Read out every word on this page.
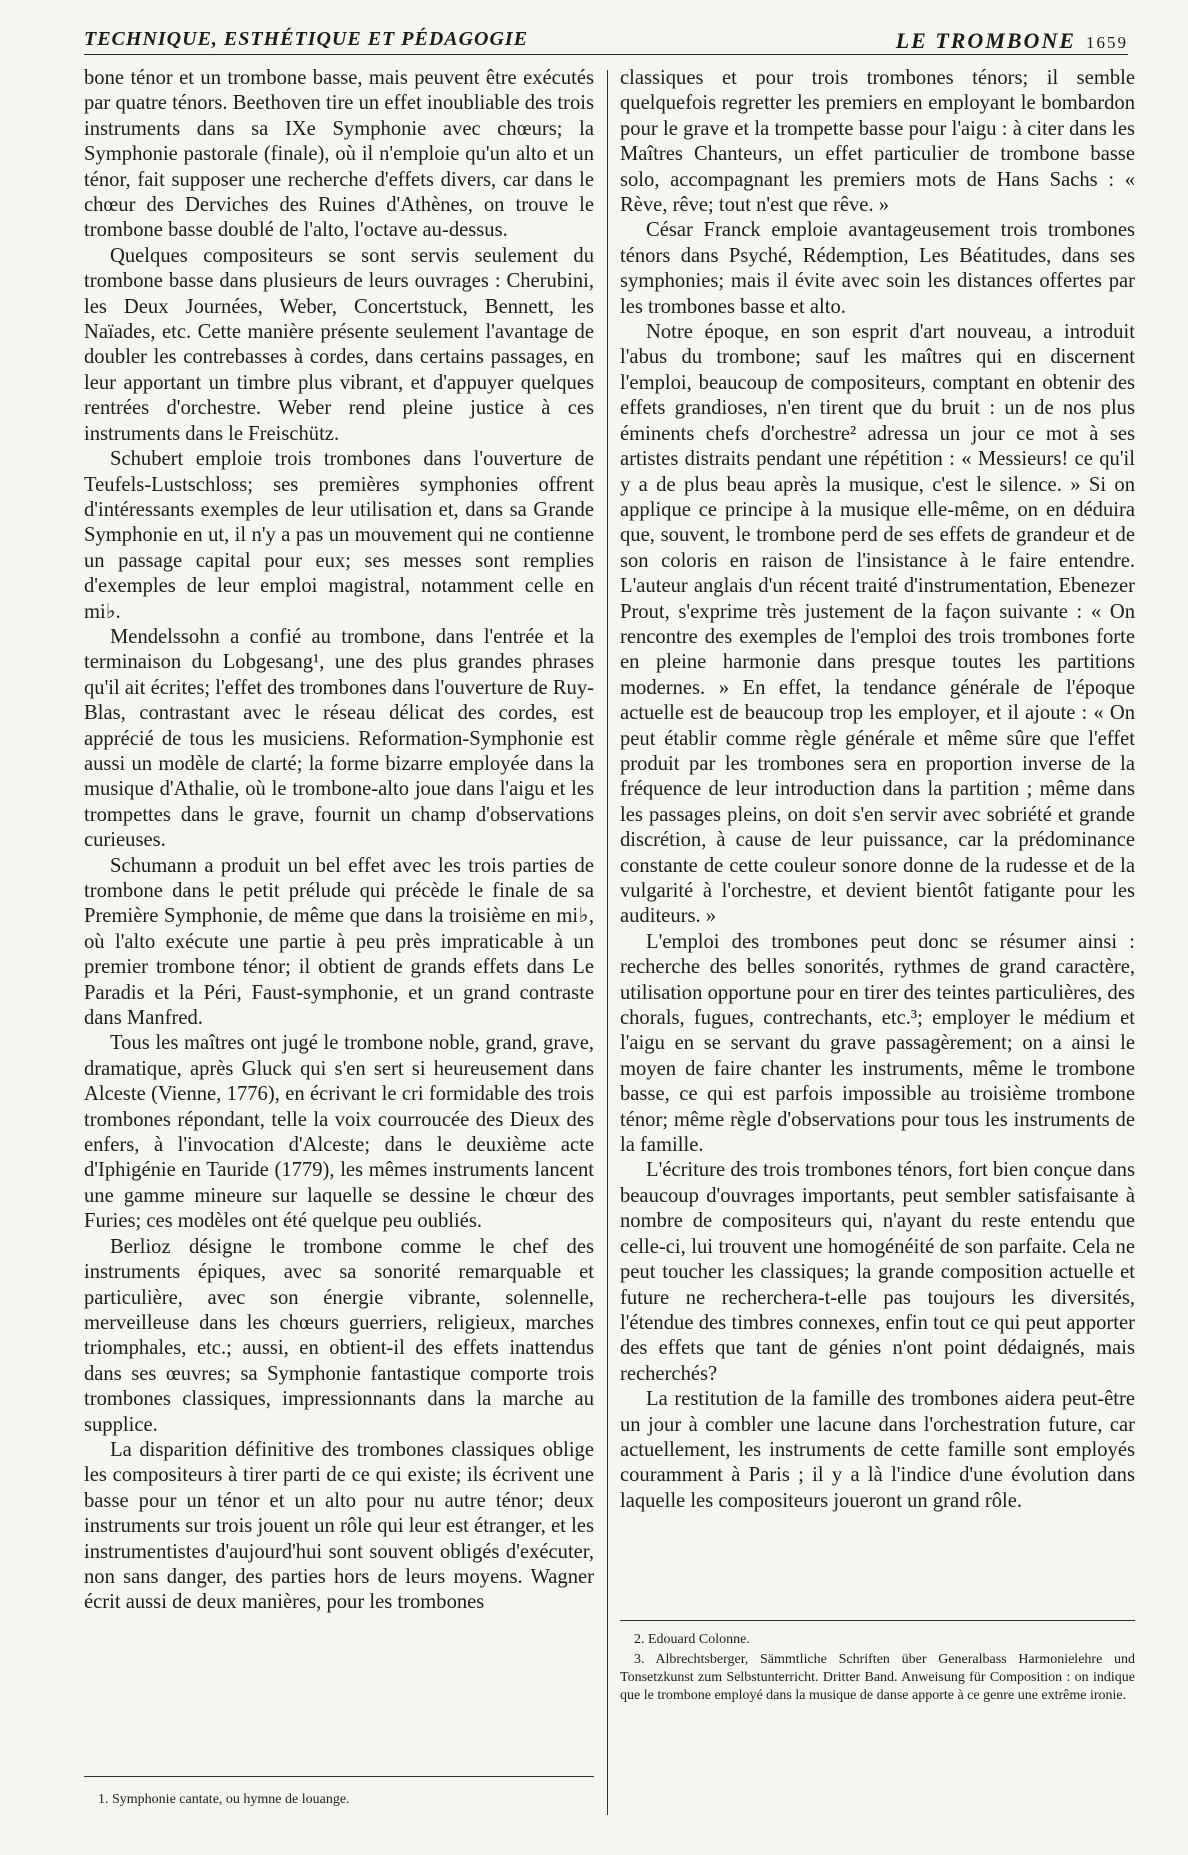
TECHNIQUE, ESTHÉTIQUE ET PÉDAGOGIE	LE TROMBONE 1659

bone ténor et un trombone basse, mais peuvent être exécutés par quatre ténors. Beethoven tire un effet inoubliable des trois instruments dans sa IXe Symphonie avec chœurs; la Symphonie pastorale (finale), où il n'emploie qu'un alto et un ténor, fait supposer une recherche d'effets divers, car dans le chœur des Derviches des Ruines d'Athènes, on trouve le trombone basse doublé de l'alto, l'octave au-dessus.

Quelques compositeurs se sont servis seulement du trombone basse dans plusieurs de leurs ouvrages : Cherubini, les Deux Journées, Weber, Concertstuck, Bennett, les Naïades, etc. Cette manière présente seulement l'avantage de doubler les contrebasses à cordes, dans certains passages, en leur apportant un timbre plus vibrant, et d'appuyer quelques rentrées d'orchestre. Weber rend pleine justice à ces instruments dans le Freischütz.

Schubert emploie trois trombones dans l'ouverture de Teufels-Lustschloss; ses premières symphonies offrent d'intéressants exemples de leur utilisation et, dans sa Grande Symphonie en ut, il n'y a pas un mouvement qui ne contienne un passage capital pour eux; ses messes sont remplies d'exemples de leur emploi magistral, notamment celle en mi♭.

Mendelssohn a confié au trombone, dans l'entrée et la terminaison du Lobgesang¹, une des plus grandes phrases qu'il ait écrites; l'effet des trombones dans l'ouverture de Ruy-Blas, contrastant avec le réseau délicat des cordes, est apprécié de tous les musiciens. Reformation-Symphonie est aussi un modèle de clarté; la forme bizarre employée dans la musique d'Athalie, où le trombone-alto joue dans l'aigu et les trompettes dans le grave, fournit un champ d'observations curieuses.

Schumann a produit un bel effet avec les trois parties de trombone dans le petit prélude qui précède le finale de sa Première Symphonie, de même que dans la troisième en mi♭, où l'alto exécute une partie à peu près impraticable à un premier trombone ténor; il obtient de grands effets dans Le Paradis et la Péri, Faust-symphonie, et un grand contraste dans Manfred.

Tous les maîtres ont jugé le trombone noble, grand, grave, dramatique, après Gluck qui s'en sert si heureusement dans Alceste (Vienne, 1776), en écrivant le cri formidable des trois trombones répondant, telle la voix courroucée des Dieux des enfers, à l'invocation d'Alceste; dans le deuxième acte d'Iphigénie en Tauride (1779), les mêmes instruments lancent une gamme mineure sur laquelle se dessine le chœur des Furies; ces modèles ont été quelque peu oubliés.

Berlioz désigne le trombone comme le chef des instruments épiques, avec sa sonorité remarquable et particulière, avec son énergie vibrante, solennelle, merveilleuse dans les chœurs guerriers, religieux, marches triomphales, etc.; aussi, en obtient-il des effets inattendus dans ses œuvres; sa Symphonie fantastique comporte trois trombones classiques, impressionnants dans la marche au supplice.

La disparition définitive des trombones classiques oblige les compositeurs à tirer parti de ce qui existe; ils écrivent une basse pour un ténor et un alto pour nu autre ténor; deux instruments sur trois jouent un rôle qui leur est étranger, et les instrumentistes d'aujourd'hui sont souvent obligés d'exécuter, non sans danger, des parties hors de leurs moyens. Wagner écrit aussi de deux manières, pour les trombones

classiques et pour trois trombones ténors; il semble quelquefois regretter les premiers en employant le bombardon pour le grave et la trompette basse pour l'aigu : à citer dans les Maîtres Chanteurs, un effet particulier de trombone basse solo, accompagnant les premiers mots de Hans Sachs : « Rève, rêve; tout n'est que rêve. »

César Franck emploie avantageusement trois trombones ténors dans Psyché, Rédemption, Les Béatitudes, dans ses symphonies; mais il évite avec soin les distances offertes par les trombones basse et alto.

Notre époque, en son esprit d'art nouveau, a introduit l'abus du trombone; sauf les maîtres qui en discernent l'emploi, beaucoup de compositeurs, comptant en obtenir des effets grandioses, n'en tirent que du bruit : un de nos plus éminents chefs d'orchestre² adressa un jour ce mot à ses artistes distraits pendant une répétition : « Messieurs! ce qu'il y a de plus beau après la musique, c'est le silence. » Si on applique ce principe à la musique elle-même, on en déduira que, souvent, le trombone perd de ses effets de grandeur et de son coloris en raison de l'insistance à le faire entendre. L'auteur anglais d'un récent traité d'instrumentation, Ebenezer Prout, s'exprime très justement de la façon suivante : « On rencontre des exemples de l'emploi des trois trombones forte en pleine harmonie dans presque toutes les partitions modernes. » En effet, la tendance générale de l'époque actuelle est de beaucoup trop les employer, et il ajoute : « On peut établir comme règle générale et même sûre que l'effet produit par les trombones sera en proportion inverse de la fréquence de leur introduction dans la partition ; même dans les passages pleins, on doit s'en servir avec sobriété et grande discrétion, à cause de leur puissance, car la prédominance constante de cette couleur sonore donne de la rudesse et de la vulgarité à l'orchestre, et devient bientôt fatigante pour les auditeurs. »

L'emploi des trombones peut donc se résumer ainsi : recherche des belles sonorités, rythmes de grand caractère, utilisation opportune pour en tirer des teintes particulières, des chorals, fugues, contrechants, etc.³; employer le médium et l'aigu en se servant du grave passagèrement; on a ainsi le moyen de faire chanter les instruments, même le trombone basse, ce qui est parfois impossible au troisième trombone ténor; même règle d'observations pour tous les instruments de la famille.

L'écriture des trois trombones ténors, fort bien conçue dans beaucoup d'ouvrages importants, peut sembler satisfaisante à nombre de compositeurs qui, n'ayant du reste entendu que celle-ci, lui trouvent une homogénéité de son parfaite. Cela ne peut toucher les classiques; la grande composition actuelle et future ne recherchera-t-elle pas toujours les diversités, l'étendue des timbres connexes, enfin tout ce qui peut apporter des effets que tant de génies n'ont point dédaignés, mais recherchés?

La restitution de la famille des trombones aidera peut-être un jour à combler une lacune dans l'orchestration future, car actuellement, les instruments de cette famille sont employés couramment à Paris ; il y a là l'indice d'une évolution dans laquelle les compositeurs joueront un grand rôle.

2. Edouard Colonne.

3. Albrechtsberger, Sämmtliche Schriften über Generalbass Harmonielehre und Tonsetzkunst zum Selbstunterricht. Dritter Band. Anweisung für Composition : on indique que le trombone employé dans la musique de danse apporte à ce genre une extrême ironie.

1. Symphonie cantate, ou hymne de louange.
